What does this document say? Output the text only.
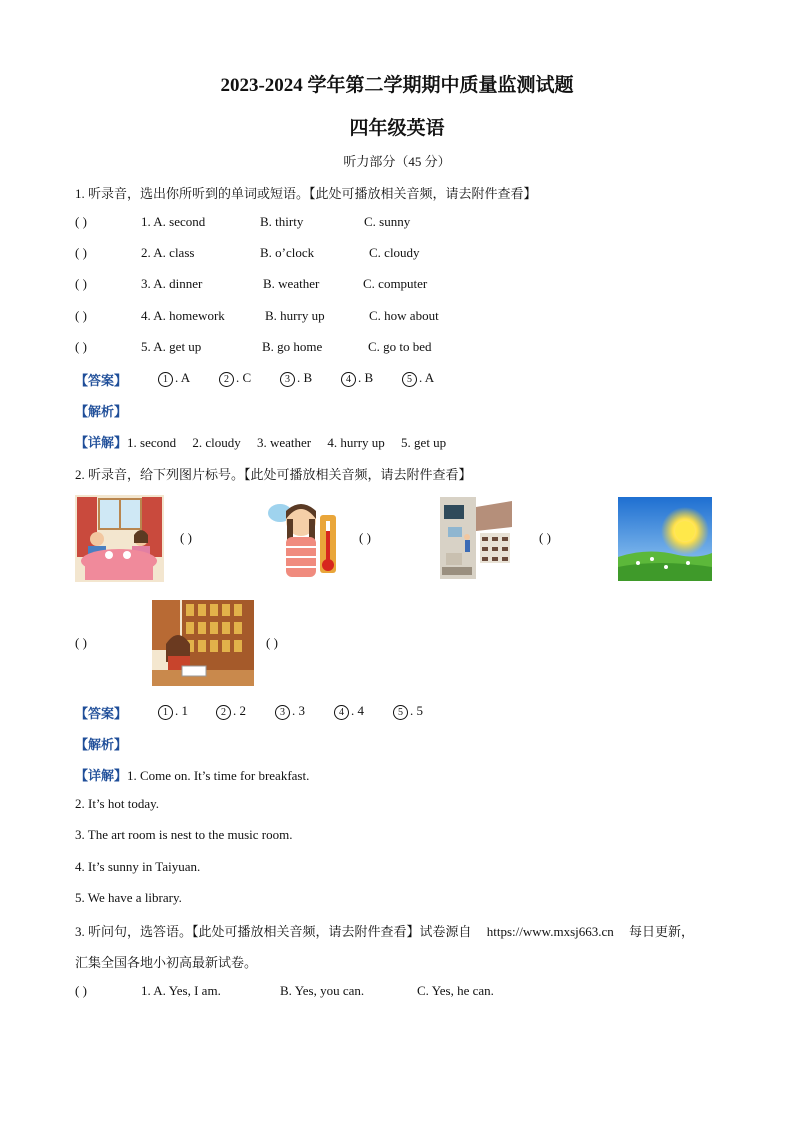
2023-2024 学年第二学期期中质量监测试题
四年级英语
听力部分（45 分）
1. 听录音，选出你所听到的单词或短语。【此处可播放相关音频，请去附件查看】
( )	1. A. second	B. thirty	C. sunny
( )	2. A. class	B. o’clock	C. cloudy
( )	3. A. dinner	B. weather	C. computer
( )	4. A. homework	B. hurry up	C. how about
( )	5. A. get up	B. go home	C. go to bed
【答案】	1 . A	2 . C	3 . B	4 . B	5 . A
【解析】
【详解】1. second     2. cloudy     3. weather     4. hurry up     5. get up
2. 听录音，给下列图片标号。【此处可播放相关音频，请去附件查看】
( )	( )	( )
( )	( )
【答案】	1 . 1	2 . 2	3 . 3	4 . 4	5 . 5
【解析】
【详解】1. Come on. It’s time for breakfast.
2. It’s hot today.
3. The art room is nest to the music room.
4. It’s sunny in Taiyuan.
5. We have a library.
3. 听问句，选答语。【此处可播放相关音频，请去附件查看】试卷源自 https://www.mxsj663.cn 每日更新，
汇集全国各地小初高最新试卷。
( )	1. A. Yes, I am.	B. Yes, you can.	C. Yes, he can.
